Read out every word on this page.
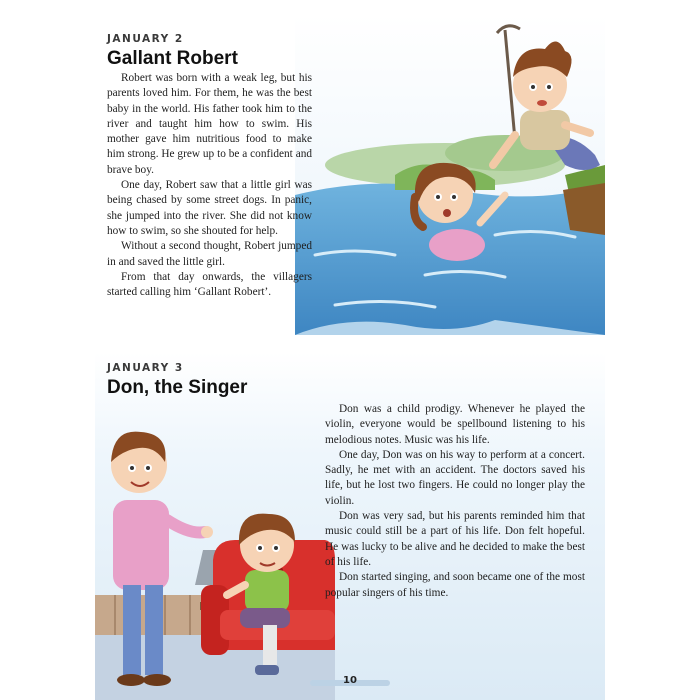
JANUARY 2
Gallant Robert

Robert was born with a weak leg, but his parents loved him. For them, he was the best baby in the world. His father took him to the river and taught him how to swim. His mother gave him nutritious food to make him strong. He grew up to be a confident and brave boy.

One day, Robert saw that a little girl was being chased by some street dogs. In panic, she jumped into the river. She did not know how to swim, so she shouted for help.

Without a second thought, Robert jumped in and saved the little girl.

From that day onwards, the villagers started calling him ‘Gallant Robert’.

JANUARY 3
Don, the Singer

Don was a child prodigy. Whenever he played the violin, everyone would be spellbound listening to his melodious notes. Music was his life.

One day, Don was on his way to perform at a concert. Sadly, he met with an accident. The doctors saved his life, but he lost two fingers. He could no longer play the violin.

Don was very sad, but his parents reminded him that music could still be a part of his life. Don felt hopeful. He was lucky to be alive and he decided to make the best of his life.

Don started singing, and soon became one of the most popular singers of his time.

10
